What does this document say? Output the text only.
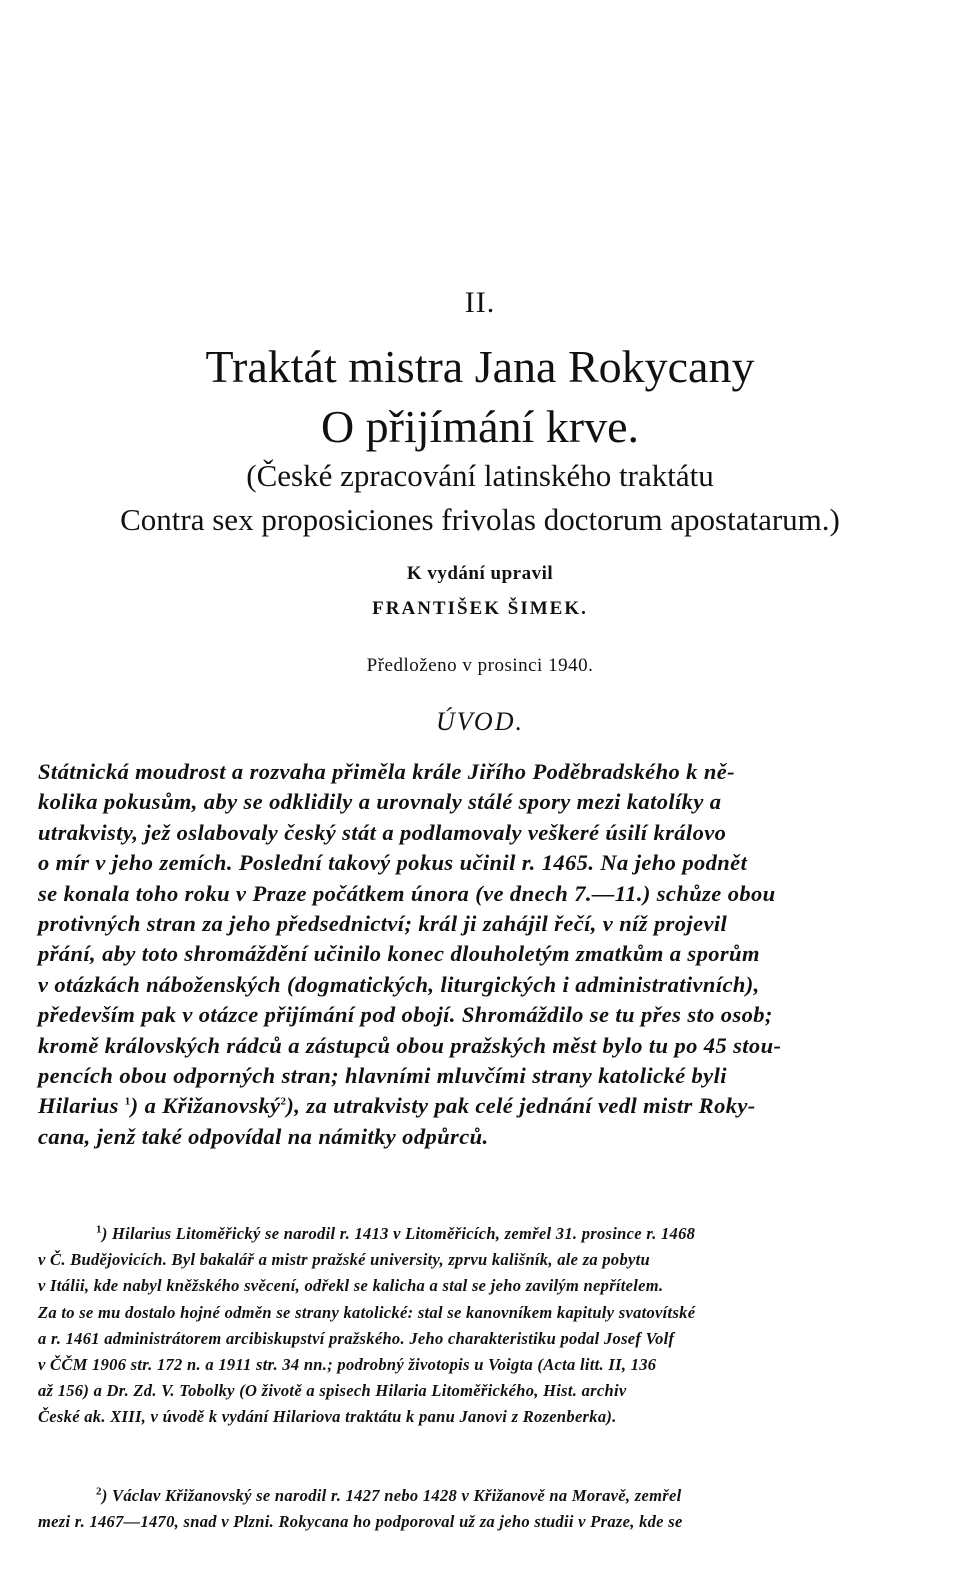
II.
Traktát mistra Jana Rokycany
O přijímání krve.
(České zpracování latinského traktátu
Contra sex proposiciones frivolas doctorum apostatarum.)
K vydání upravil
FRANTIŠEK ŠIMEK.
Předloženo v prosinci 1940.
ÚVOD.
Státnická moudrost a rozvaha přiměla krále Jiřího Poděbradského k ně-
kolika pokusům, aby se odklidily a urovnaly stálé spory mezi katolíky a
utrakvisty, jež oslabovaly český stát a podlamovaly veškeré úsilí královo
o mír v jeho zemích. Poslední takový pokus učinil r. 1465. Na jeho podnět
se konala toho roku v Praze počátkem února (ve dnech 7.—11.) schůze obou
protivných stran za jeho předsednictví; král ji zahájil řečí, v níž projevil
přání, aby toto shromáždění učinilo konec dlouholetým zmatkům a sporům
v otázkách náboženských (dogmatických, liturgických i administrativních),
především pak v otázce přijímání pod obojí. Shromáždilo se tu přes sto osob;
kromě královských rádců a zástupců obou pražských měst bylo tu po 45 stou-
pencích obou odporných stran; hlavními mluvčími strany katolické byli
Hilarius $^1$) a Křižanovský$^2$), za utrakvisty pak celé jednání vedl mistr Roky-
cana, jenž také odpovídal na námitky odpůrců.
$^1$) Hilarius Litoměřický se narodil r. 1413 v Litoměřicích, zemřel 31. prosince r. 1468
v Č. Budějovicích. Byl bakalář a mistr pražské university, zprvu kališník, ale za pobytu
v Itálii, kde nabyl kněžského svěcení, odřekl se kalicha a stal se jeho zavilým nepřítelem.
Za to se mu dostalo hojné odměn se strany katolické: stal se kanovníkem kapituly svatovítské
a r. 1461 administrátorem arcibiskupství pražského. Jeho charakteristiku podal Josef Volf
v ČČM 1906 str. 172 n. a 1911 str. 34 nn.; podrobný životopis u Voigta (Acta litt. II, 136
až 156) a Dr. Zd. V. Tobolky (O životě a spisech Hilaria Litoměřického, Hist. archiv
České ak. XIII, v úvodě k vydání Hilariova traktátu k panu Janovi z Rozenberka).
$^2$) Václav Křižanovský se narodil r. 1427 nebo 1428 v Křižanově na Moravě, zemřel
mezi r. 1467—1470, snad v Plzni. Rokycana ho podporoval už za jeho studii v Praze, kde se
